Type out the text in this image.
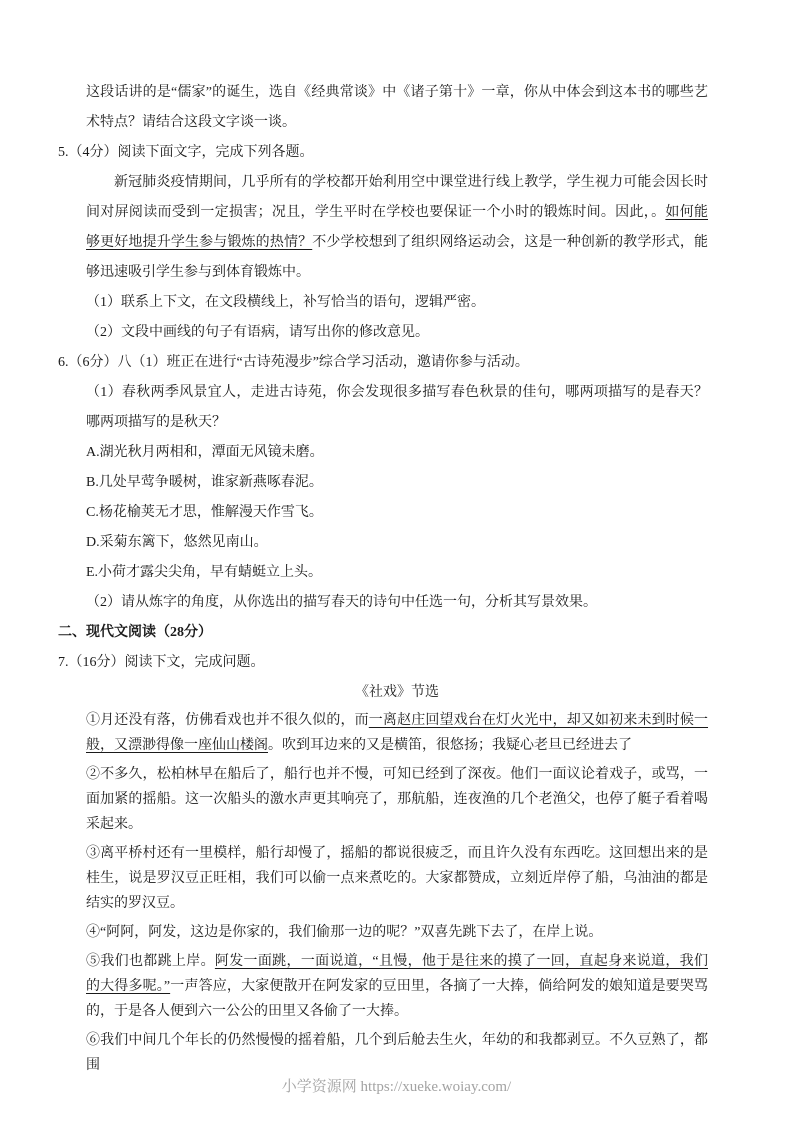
这段话讲的是“儒家”的诞生，选自《经典常谈》中《诸子第十》一章，你从中体会到这本书的哪些艺术特点？请结合这段文字谈一谈。

5.（4分）阅读下面文字，完成下列各题。

新冠肺炎疫情期间，几乎所有的学校都开始利用空中课堂进行线上教学，学生视力可能会因长时间对屏阅读而受到一定损害；况且，学生平时在学校也要保证一个小时的锻炼时间。因此，。如何能够更好地提升学生参与锻炼的热情？不少学校想到了组织网络运动会，这是一种创新的教学形式，能够迅速吸引学生参与到体育锻炼中。

（1）联系上下文，在文段横线上，补写恰当的语句，逻辑严密。

（2）文段中画线的句子有语病，请写出你的修改意见。

6.（6分）八（1）班正在进行“古诗苑漫步”综合学习活动，邀请你参与活动。

（1）春秋两季风景宜人，走进古诗苑，你会发现很多描写春色秋景的佳句，哪两项描写的是春天？哪两项描写的是秋天？

A.湖光秋月两相和，潭面无风镜未磨。

B.几处早莺争暖树，谁家新燕啄春泥。

C.杨花榆荚无才思，惟解漫天作雪飞。

D.采菊东篱下，悠然见南山。

E.小荷才露尖尖角，早有蜻蜓立上头。

（2）请从炼字的角度，从你选出的描写春天的诗句中任选一句，分析其写景效果。

二、现代文阅读（28分）

7.（16分）阅读下文，完成问题。

《社戏》节选

①月还没有落，仿佛看戏也并不很久似的，而一离赵庄回望戏台在灯火光中，却又如初来未到时候一般，又漂渺得像一座仙山楼阁。吹到耳边来的又是横笛，很悠扬；我疑心老旦已经进去了

②不多久，松柏林早在船后了，船行也并不慢，可知已经到了深夜。他们一面议论着戏子，或骂，一面加紧的摇船。这一次船头的激水声更其响亮了，那航船，连夜渔的几个老渔父，也停了艇子看着喝采起来。

③离平桥村还有一里模样，船行却慢了，摇船的都说很疲乏，而且许久没有东西吃。这回想出来的是桂生，说是罗汉豆正旺相，我们可以偷一点来煮吃的。大家都赞成，立刻近岸停了船，乌油油的都是结实的罗汉豆。

④“阿阿，阿发，这边是你家的，我们偷那一边的呢？”双喜先跳下去了，在岸上说。

⑤我们也都跳上岸。阿发一面跳，一面说道，“且慢，他于是往来的摸了一回，直起身来说道，我们的大得多呢。”一声答应，大家便散开在阿发家的豆田里，各摘了一大捧，倘给阿发的娘知道是要哭骂的，于是各人便到六一公公的田里又各偷了一大捧。

⑥我们中间几个年长的仍然慢慢的摇着船，几个到后舱去生火，年幼的和我都剥豆。不久豆熟了，都围

小学资源网 https://xueke.woiay.com/
